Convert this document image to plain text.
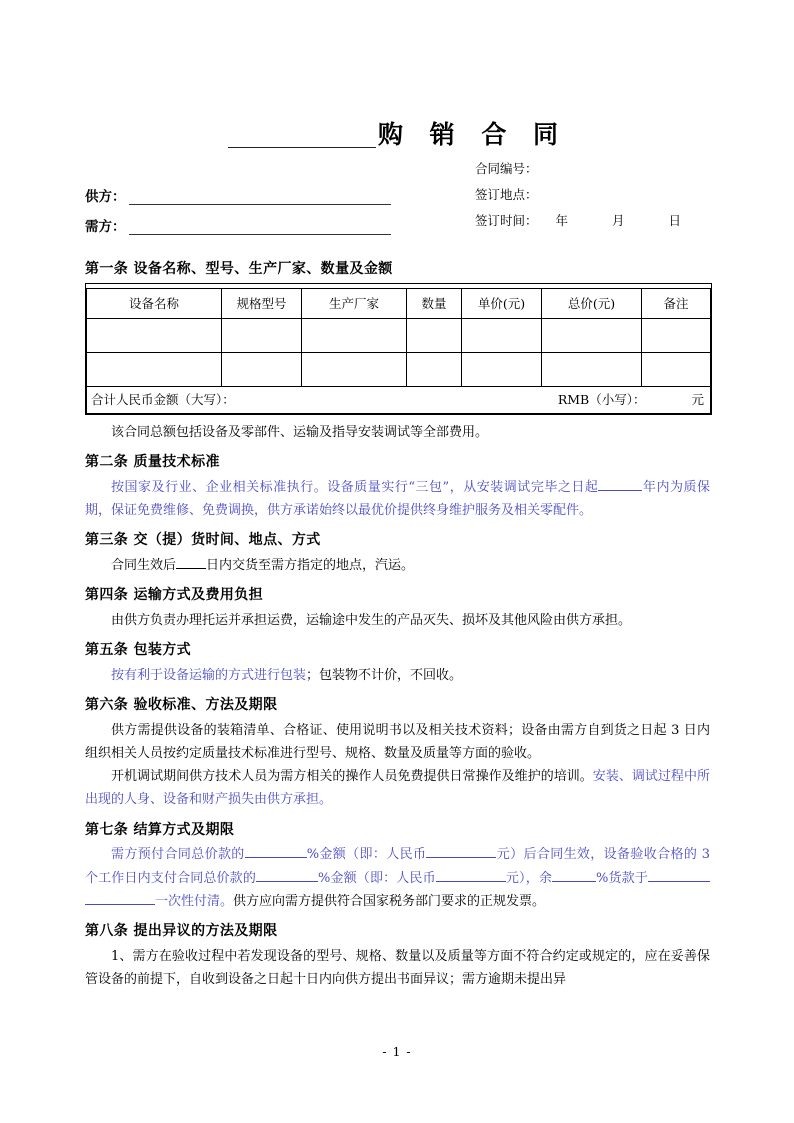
购 销 合 同
供方：
需方：
合同编号：
签订地点：
签订时间： 年 月 日
第一条 设备名称、型号、生产厂家、数量及金额
设备名称	规格型号	生产厂家	数量	单价(元)	总价(元)	备注

合计人民币金额（大写）： RMB（小写）： 元						
该合同总额包括设备及零部件、运输及指导安装调试等全部费用。
第二条 质量技术标准
按国家及行业、企业相关标准执行。设备质量实行“三包”，从安装调试完毕之日起	年内为质保期，保证免费维修、免费调换，供方承诺始终以最优价提供终身维护服务及相关零配件。
第三条 交（提）货时间、地点、方式
合同生效后 日内交货至需方指定的地点，汽运。
第四条 运输方式及费用负担
由供方负责办理托运并承担运费，运输途中发生的产品灭失、损坏及其他风险由供方承担。
第五条 包装方式
按有利于设备运输的方式进行包装；包装物不计价，不回收。
第六条 验收标准、方法及期限
供方需提供设备的装箱清单、合格证、使用说明书以及相关技术资料；设备由需方自到货之日起 3 日内组织相关人员按约定质量技术标准进行型号、规格、数量及质量等方面的验收。
开机调试期间供方技术人员为需方相关的操作人员免费提供日常操作及维护的培训。安装、调试过程中所出现的人身、设备和财产损失由供方承担。
第七条 结算方式及期限
需方预付合同总价款的	%金额（即：人民币	元）后合同生效，设备验收合格的 3 个工作日内支付合同总价款的	%金额（即：人民币	元），余	%货款于一次性付清。供方应向需方提供符合国家税务部门要求的正规发票。
第八条 提出异议的方法及期限
1、需方在验收过程中若发现设备的型号、规格、数量以及质量等方面不符合约定或规定的，应在妥善保管设备的前提下，自收到设备之日起十日内向供方提出书面异议；需方逾期未提出异
- 1 -
